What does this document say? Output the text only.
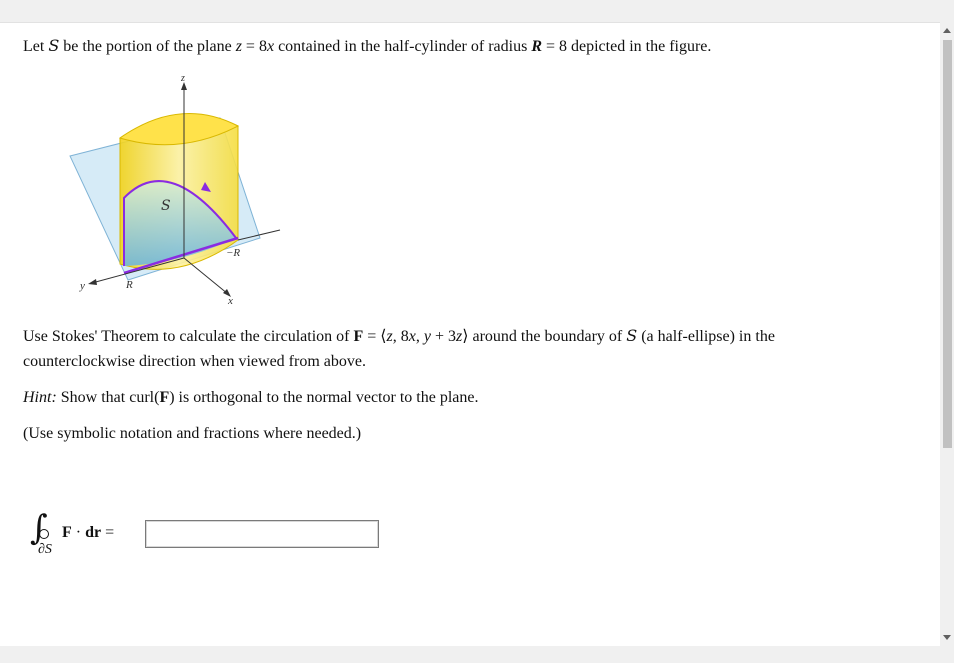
Let S be the portion of the plane z = 8x contained in the half-cylinder of radius R = 8 depicted in the figure.
z
y
x
R
−R
S
Use Stokes' Theorem to calculate the circulation of F = ⟨z, 8x, y + 3z⟩ around the boundary of S (a half-ellipse) in the
counterclockwise direction when viewed from above.
Hint: Show that curl(F) is orthogonal to the normal vector to the plane.
(Use symbolic notation and fractions where needed.)
∫
∂S
F · dr =
